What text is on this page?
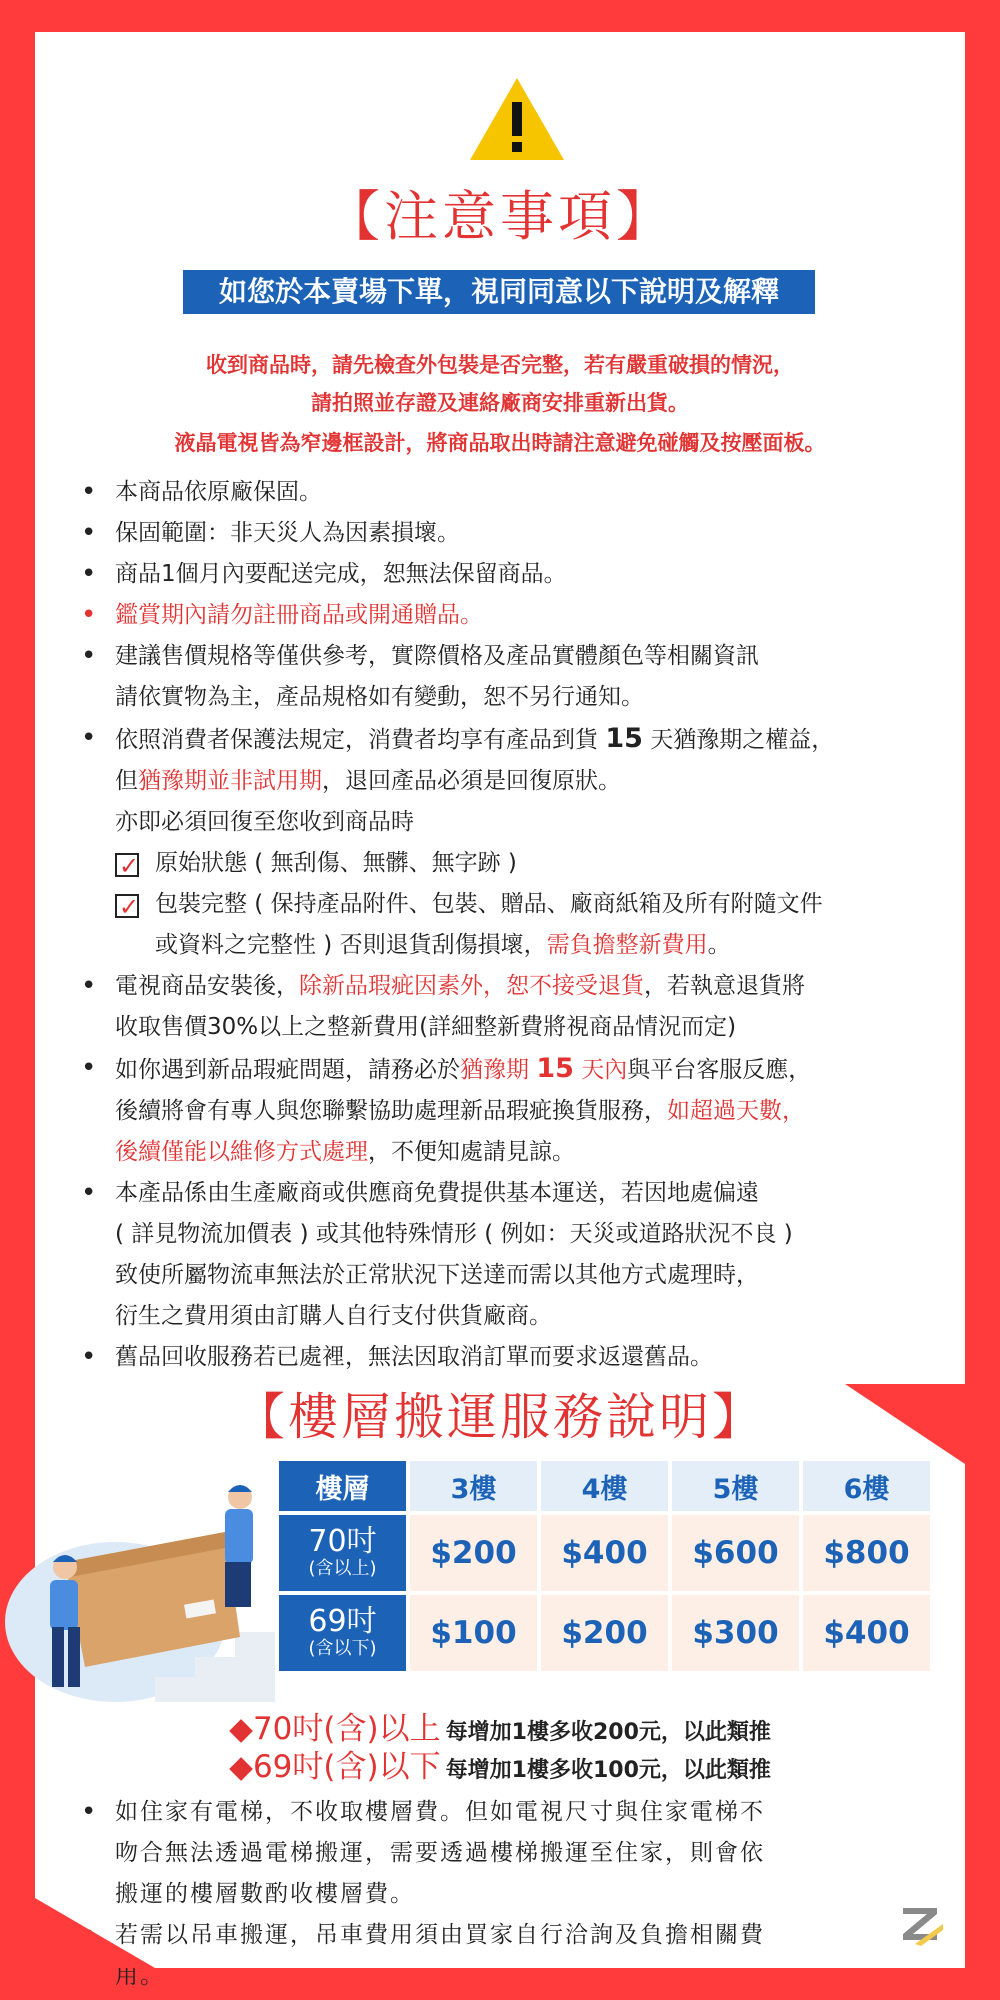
【注意事項】
如您於本賣場下單，視同同意以下說明及解釋
收到商品時，請先檢查外包裝是否完整，若有嚴重破損的情況，
請拍照並存證及連絡廠商安排重新出貨。
液晶電視皆為窄邊框設計，將商品取出時請注意避免碰觸及按壓面板。
• 本商品依原廠保固。
• 保固範圍：非天災人為因素損壞。
• 商品1個月內要配送完成，恕無法保留商品。
• 鑑賞期內請勿註冊商品或開通贈品。
• 建議售價規格等僅供參考，實際價格及產品實體顏色等相關資訊
請依實物為主，產品規格如有變動，恕不另行通知。
• 依照消費者保護法規定，消費者均享有產品到貨 15 天猶豫期之權益，
但猶豫期並非試用期，退回產品必須是回復原狀。
亦即必須回復至您收到商品時
✓ 原始狀態 ( 無刮傷、無髒、無字跡 )
✓ 包裝完整 ( 保持產品附件、包裝、贈品、廠商紙箱及所有附隨文件
或資料之完整性 ) 否則退貨刮傷損壞，需負擔整新費用。
• 電視商品安裝後，除新品瑕疵因素外，恕不接受退貨，若執意退貨將
收取售價30%以上之整新費用(詳細整新費將視商品情況而定)
• 如你遇到新品瑕疵問題，請務必於猶豫期 15 天內與平台客服反應，
後續將會有專人與您聯繫協助處理新品瑕疵換貨服務，如超過天數，
後續僅能以維修方式處理，不便知處請見諒。
• 本產品係由生產廠商或供應商免費提供基本運送，若因地處偏遠
( 詳見物流加價表 ) 或其他特殊情形 ( 例如：天災或道路狀況不良 )
致使所屬物流車無法於正常狀況下送達而需以其他方式處理時，
衍生之費用須由訂購人自行支付供貨廠商。
• 舊品回收服務若已處裡，無法因取消訂單而要求返還舊品。
【樓層搬運服務說明】
樓層	3樓	4樓	5樓	6樓

70吋
(含以上)	$200	$400	$600	$800

69吋
(含以下)	$100	$200	$300	$400
◆70吋(含)以上 每增加1樓多收200元，以此類推
◆69吋(含)以下 每增加1樓多收100元，以此類推
• 如住家有電梯，不收取樓層費。但如電視尺寸與住家電梯不
吻合無法透過電梯搬運，需要透過樓梯搬運至住家，則會依
搬運的樓層數酌收樓層費。
• 若需以吊車搬運，吊車費用須由買家自行洽詢及負擔相關費
用。
